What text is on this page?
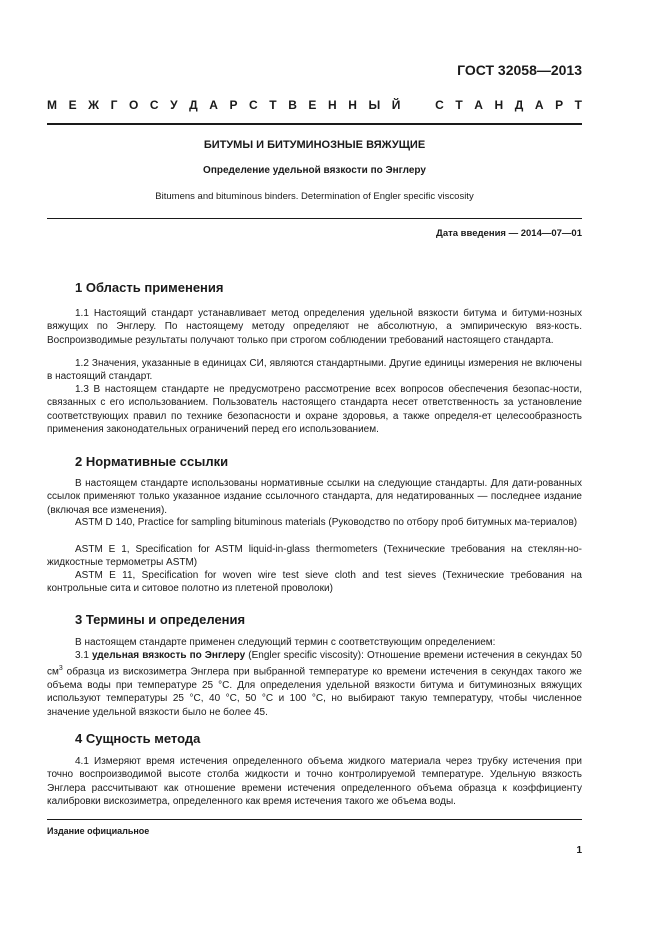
ГОСТ 32058—2013
М Е Ж Г О С У Д А Р С Т В Е Н Н Ы Й	С Т А Н Д А Р Т
БИТУМЫ И БИТУМИНОЗНЫЕ ВЯЖУЩИЕ
Определение удельной вязкости по Энглеру
Bitumens and bituminous binders. Determination of Engler specific viscosity
Дата введения — 2014—07—01
1 Область применения
1.1 Настоящий стандарт устанавливает метод определения удельной вязкости битума и битуми-нозных вяжущих по Энглеру. По настоящему методу определяют не абсолютную, а эмпирическую вяз-кость. Воспроизводимые результаты получают только при строгом соблюдении требований настоящего стандарта.
1.2 Значения, указанные в единицах СИ, являются стандартными. Другие единицы измерения не включены в настоящий стандарт.
1.3 В настоящем стандарте не предусмотрено рассмотрение всех вопросов обеспечения безопас-ности, связанных с его использованием. Пользователь настоящего стандарта несет ответственность за установление соответствующих правил по технике безопасности и охране здоровья, а также определя-ет целесообразность применения законодательных ограничений перед его использованием.
2 Нормативные ссылки
В настоящем стандарте использованы нормативные ссылки на следующие стандарты. Для дати-рованных ссылок применяют только указанное издание ссылочного стандарта, для недатированных — последнее издание (включая все изменения).
ASTM D 140, Practice for sampling bituminous materials (Руководство по отбору проб битумных ма-териалов)
ASTM E 1, Specification for ASTM liquid-in-glass thermometers (Технические требования на стеклян-но-жидкостные термометры ASTM)
ASTM E 11, Specification for woven wire test sieve cloth and test sieves (Технические требования на контрольные сита и ситовое полотно из плетеной проволоки)
3 Термины и определения
В настоящем стандарте применен следующий термин с соответствующим определением:
3.1 удельная вязкость по Энглеру (Engler specific viscosity): Отношение времени истечения в секундах 50 $см^3$ образца из вискозиметра Энглера при выбранной температуре ко времени истечения в секундах такого же объема воды при температуре 25 °С. Для определения удельной вязкости битума и битуминозных вяжущих используют температуры 25 °С, 40 °С, 50 °С и 100 °С, но выбирают такую температуру, чтобы численное значение удельной вязкости было не более 45.
4 Сущность метода
4.1 Измеряют время истечения определенного объема жидкого материала через трубку истечения при точно воспроизводимой высоте столба жидкости и точно контролируемой температуре. Удельную вязкость Энглера рассчитывают как отношение времени истечения определенного объема образца к коэффициенту калибровки вискозиметра, определенного как время истечения такого же объема воды.
Издание официальное
1
